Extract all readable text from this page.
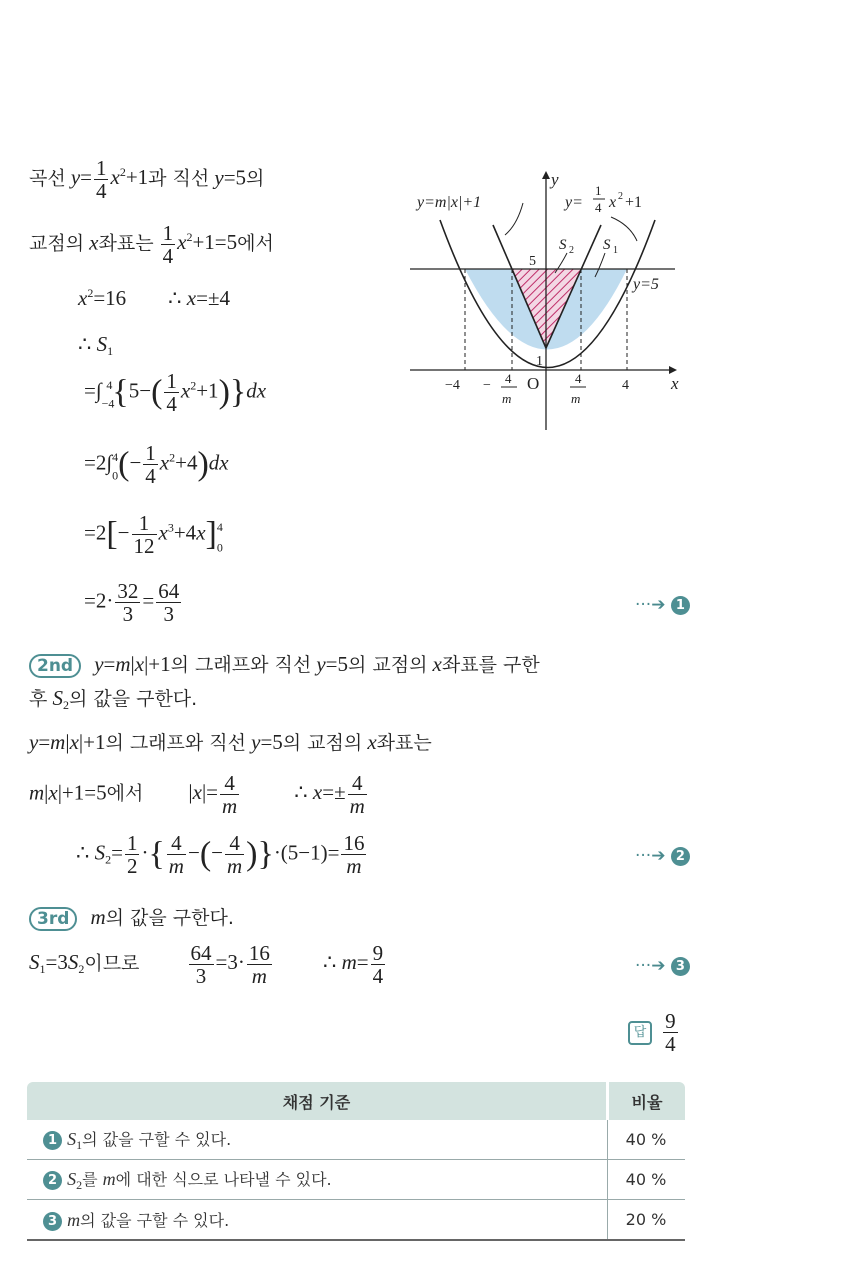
곡선 $y= \frac{1}{4} x^2+1$과 직선 y=5의
교점의 x좌표는 $\frac{1}{4} x^2+1=5$에서
$x^2=16$        ∴ x=±4
∴ $S_1$
$=\int_{-4}^4\{5-( \frac{1}{4} x^2+1)\}dx$
$=2\int_0^4(- \frac{1}{4} x^2+4)dx$
$=2[- \frac{1}{12} x^3+4x]_0^4$
$=2\cdot \frac{32}{3} = \frac{64}{3}$	···➔ 1
y
x
O
y=m|x|+1	y=
1
4 x 2 +1
y=5
5
1
−4	4
S 2 S 1
− 4
m
4
m
2nd y=m|x|+1의 그래프와 직선 y=5의 교점의 x좌표를 구한
후 $S_2$의 값을 구한다.
y=m|x|+1의 그래프와 직선 y=5의 교점의 x좌표는
m|x|+1=5에서 $|x|= \frac{4}{m}$	∴ $x=\pm \frac{4}{m}$
∴ $S_2= \frac{1}{2}$ ·{ $\frac{4}{m}$ −(− $\frac{4}{m} )\}\cdot(5-1)= \frac{16}{m}$	···➔ 2
3rd m의 값을 구한다.
$S_1=3S_2$이므로 $\frac{64}{3} =3\cdot \frac{16}{m}$ ∴ $m= \frac{9}{4}$	···➔ 3
답 $\frac{9}{4}$
채점 기준	비율
1 $S_1$의 값을 구할 수 있다.	40 %
2 $S_2$를 m에 대한 식으로 나타낼 수 있다.	40 %
3 m의 값을 구할 수 있다.	20 %
